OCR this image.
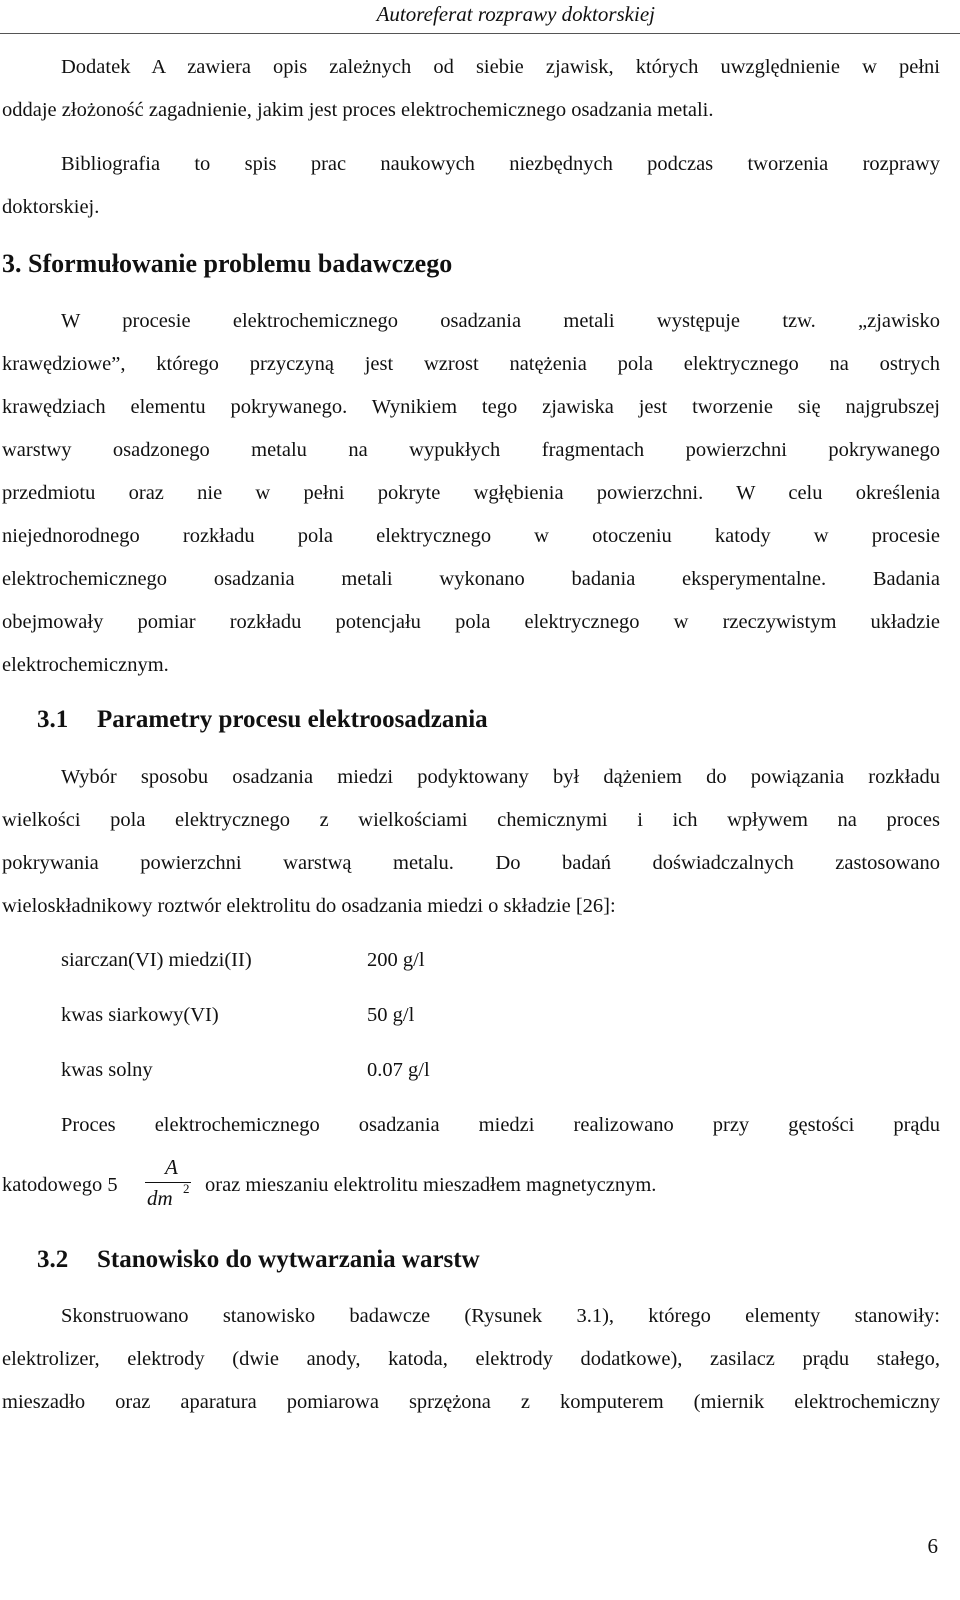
Autoreferat rozprawy doktorskiej
Dodatek A zawiera opis zależnych od siebie zjawisk, których uwzględnienie w pełni
oddaje złożoność zagadnienie, jakim jest proces elektrochemicznego osadzania metali.
Bibliografia to spis prac naukowych niezbędnych podczas tworzenia rozprawy
doktorskiej.
3. Sformułowanie problemu badawczego
W procesie elektrochemicznego osadzania metali występuje tzw. „zjawisko
krawędziowe”, którego przyczyną jest wzrost natężenia pola elektrycznego na ostrych
krawędziach elementu pokrywanego. Wynikiem tego zjawiska jest tworzenie się najgrubszej
warstwy osadzonego metalu na wypukłych fragmentach powierzchni pokrywanego
przedmiotu oraz nie w pełni pokryte wgłębienia powierzchni. W celu określenia
niejednorodnego rozkładu pola elektrycznego w otoczeniu katody w procesie
elektrochemicznego osadzania metali wykonano badania eksperymentalne. Badania
obejmowały pomiar rozkładu potencjału pola elektrycznego w rzeczywistym układzie
elektrochemicznym.
3.1 Parametry procesu elektroosadzania
Wybór sposobu osadzania miedzi podyktowany był dążeniem do powiązania rozkładu
wielkości pola elektrycznego z wielkościami chemicznymi i ich wpływem na proces
pokrywania powierzchni warstwą metalu. Do badań doświadczalnych zastosowano
wieloskładnikowy roztwór elektrolitu do osadzania miedzi o składzie [26]:
siarczan(VI) miedzi(II)	200 g/l
kwas siarkowy(VI)	50 g/l
kwas solny	0.07 g/l
Proces elektrochemicznego osadzania miedzi realizowano przy gęstości prądu
katodowego 5
A
dm 2 oraz mieszaniu elektrolitu mieszadłem magnetycznym.
3.2 Stanowisko do wytwarzania warstw
Skonstruowano stanowisko badawcze (Rysunek 3.1), którego elementy stanowiły:
elektrolizer, elektrody (dwie anody, katoda, elektrody dodatkowe), zasilacz prądu stałego,
mieszadło oraz aparatura pomiarowa sprzężona z komputerem (miernik elektrochemiczny
6
